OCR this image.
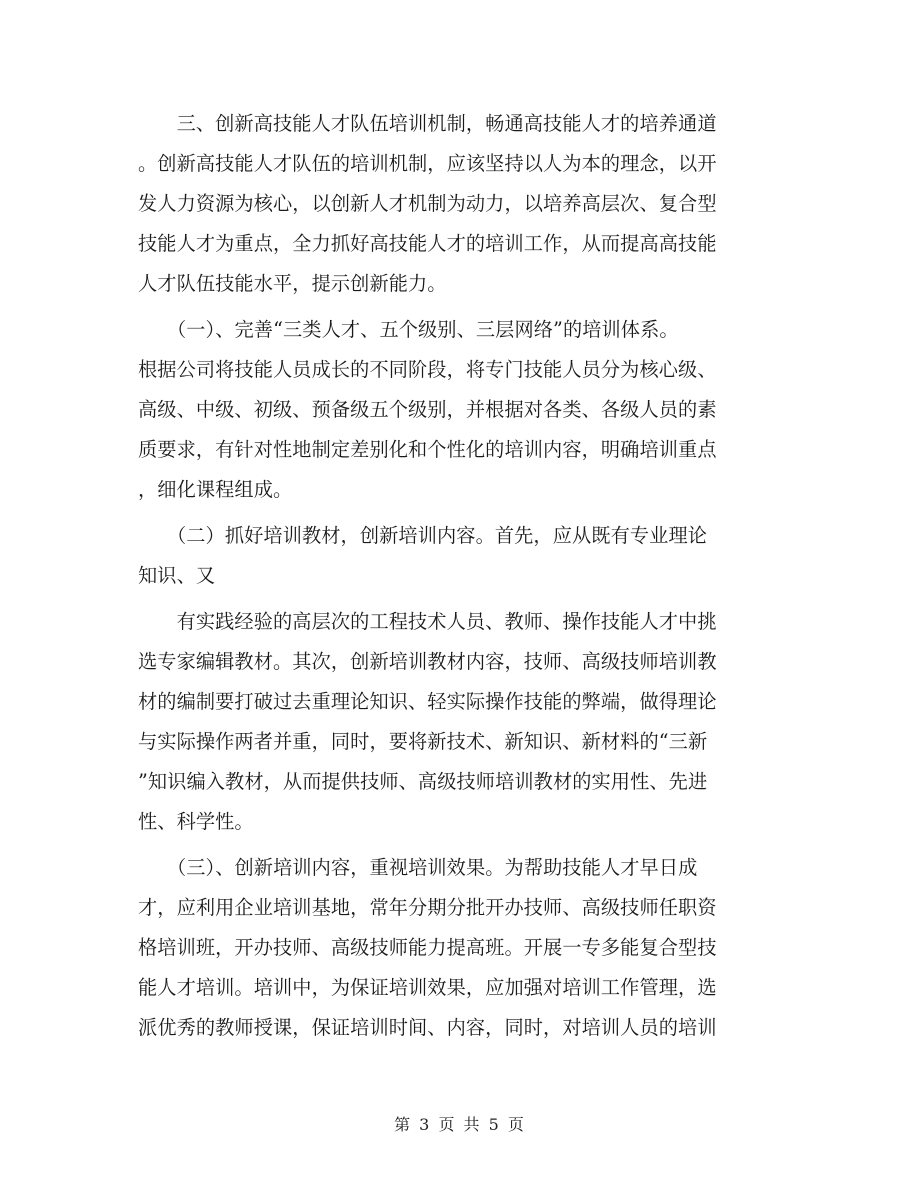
　　三、创新高技能人才队伍培训机制，畅通高技能人才的培养通道
。创新高技能人才队伍的培训机制，应该坚持以人为本的理念，以开
发人力资源为核心，以创新人才机制为动力，以培养高层次、复合型
技能人才为重点，全力抓好高技能人才的培训工作，从而提高高技能
人才队伍技能水平，提示创新能力。
　　（一）、完善“三类人才、五个级别、三层网络”的培训体系。
根据公司将技能人员成长的不同阶段，将专门技能人员分为核心级、
高级、中级、初级、预备级五个级别，并根据对各类、各级人员的素
质要求，有针对性地制定差别化和个性化的培训内容，明确培训重点
，细化课程组成。
　　（二）抓好培训教材，创新培训内容。首先，应从既有专业理论
知识、又
　　有实践经验的高层次的工程技术人员、教师、操作技能人才中挑
选专家编辑教材。其次，创新培训教材内容，技师、高级技师培训教
材的编制要打破过去重理论知识、轻实际操作技能的弊端，做得理论
与实际操作两者并重，同时，要将新技术、新知识、新材料的“三新
”知识编入教材，从而提供技师、高级技师培训教材的实用性、先进
性、科学性。
　　（三）、创新培训内容，重视培训效果。为帮助技能人才早日成
才，应利用企业培训基地，常年分期分批开办技师、高级技师任职资
格培训班，开办技师、高级技师能力提高班。开展一专多能复合型技
能人才培训。培训中，为保证培训效果，应加强对培训工作管理，选
派优秀的教师授课，保证培训时间、内容，同时，对培训人员的培训
第 3 页 共 5 页
